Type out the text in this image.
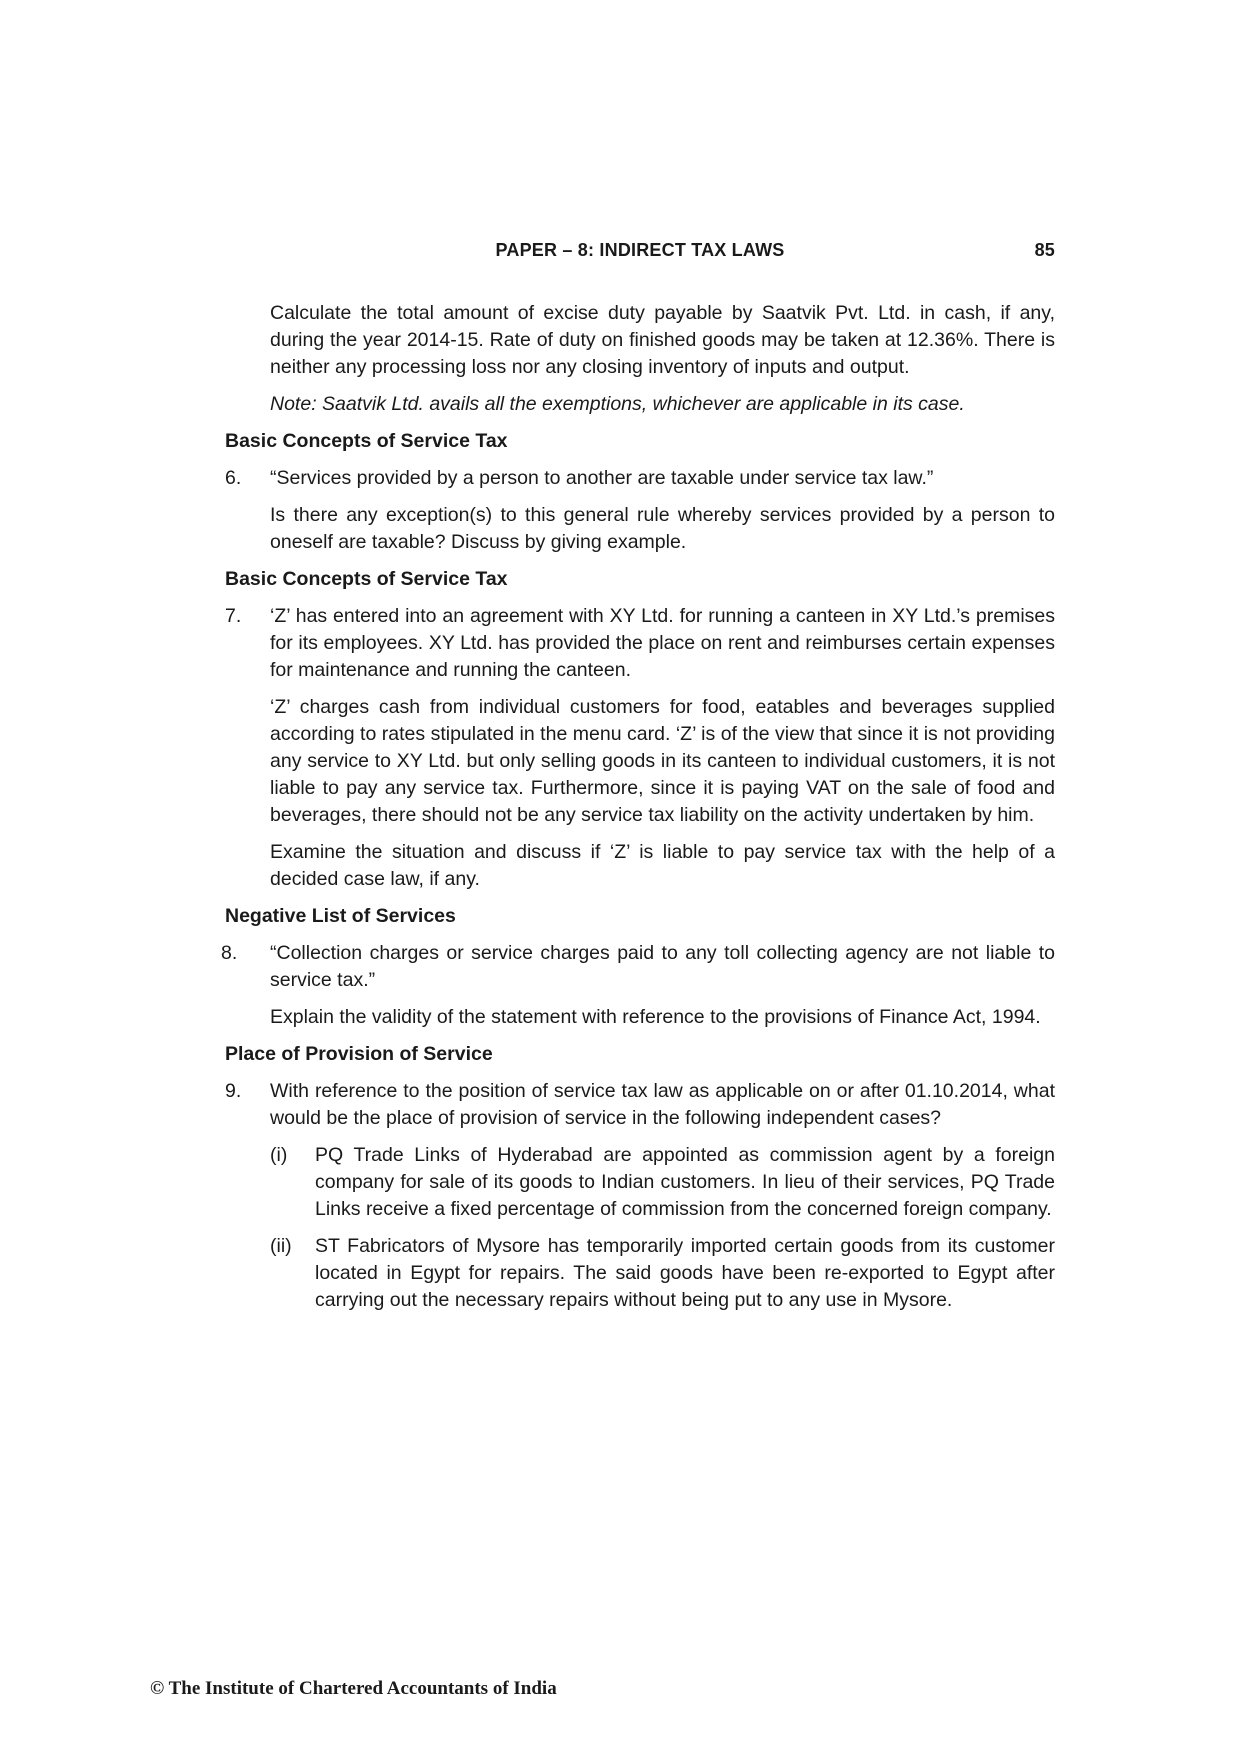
PAPER – 8: INDIRECT TAX LAWS	85

Calculate the total amount of excise duty payable by Saatvik Pvt. Ltd. in cash, if any, during the year 2014-15. Rate of duty on finished goods may be taken at 12.36%. There is neither any processing loss nor any closing inventory of inputs and output.

Note: Saatvik Ltd. avails all the exemptions, whichever are applicable in its case.

Basic Concepts of Service Tax

6. “Services provided by a person to another are taxable under service tax law.”

Is there any exception(s) to this general rule whereby services provided by a person to oneself are taxable? Discuss by giving example.

Basic Concepts of Service Tax

7. ‘Z’ has entered into an agreement with XY Ltd. for running a canteen in XY Ltd.’s premises for its employees. XY Ltd. has provided the place on rent and reimburses certain expenses for maintenance and running the canteen.

‘Z’ charges cash from individual customers for food, eatables and beverages supplied according to rates stipulated in the menu card. ‘Z’ is of the view that since it is not providing any service to XY Ltd. but only selling goods in its canteen to individual customers, it is not liable to pay any service tax. Furthermore, since it is paying VAT on the sale of food and beverages, there should not be any service tax liability on the activity undertaken by him.

Examine the situation and discuss if ‘Z’ is liable to pay service tax with the help of a decided case law, if any.

Negative List of Services

8. “Collection charges or service charges paid to any toll collecting agency are not liable to service tax.”

Explain the validity of the statement with reference to the provisions of Finance Act, 1994.

Place of Provision of Service

9. With reference to the position of service tax law as applicable on or after 01.10.2014, what would be the place of provision of service in the following independent cases?

(i) PQ Trade Links of Hyderabad are appointed as commission agent by a foreign company for sale of its goods to Indian customers. In lieu of their services, PQ Trade Links receive a fixed percentage of commission from the concerned foreign company.

(ii) ST Fabricators of Mysore has temporarily imported certain goods from its customer located in Egypt for repairs. The said goods have been re-exported to Egypt after carrying out the necessary repairs without being put to any use in Mysore.

© The Institute of Chartered Accountants of India
